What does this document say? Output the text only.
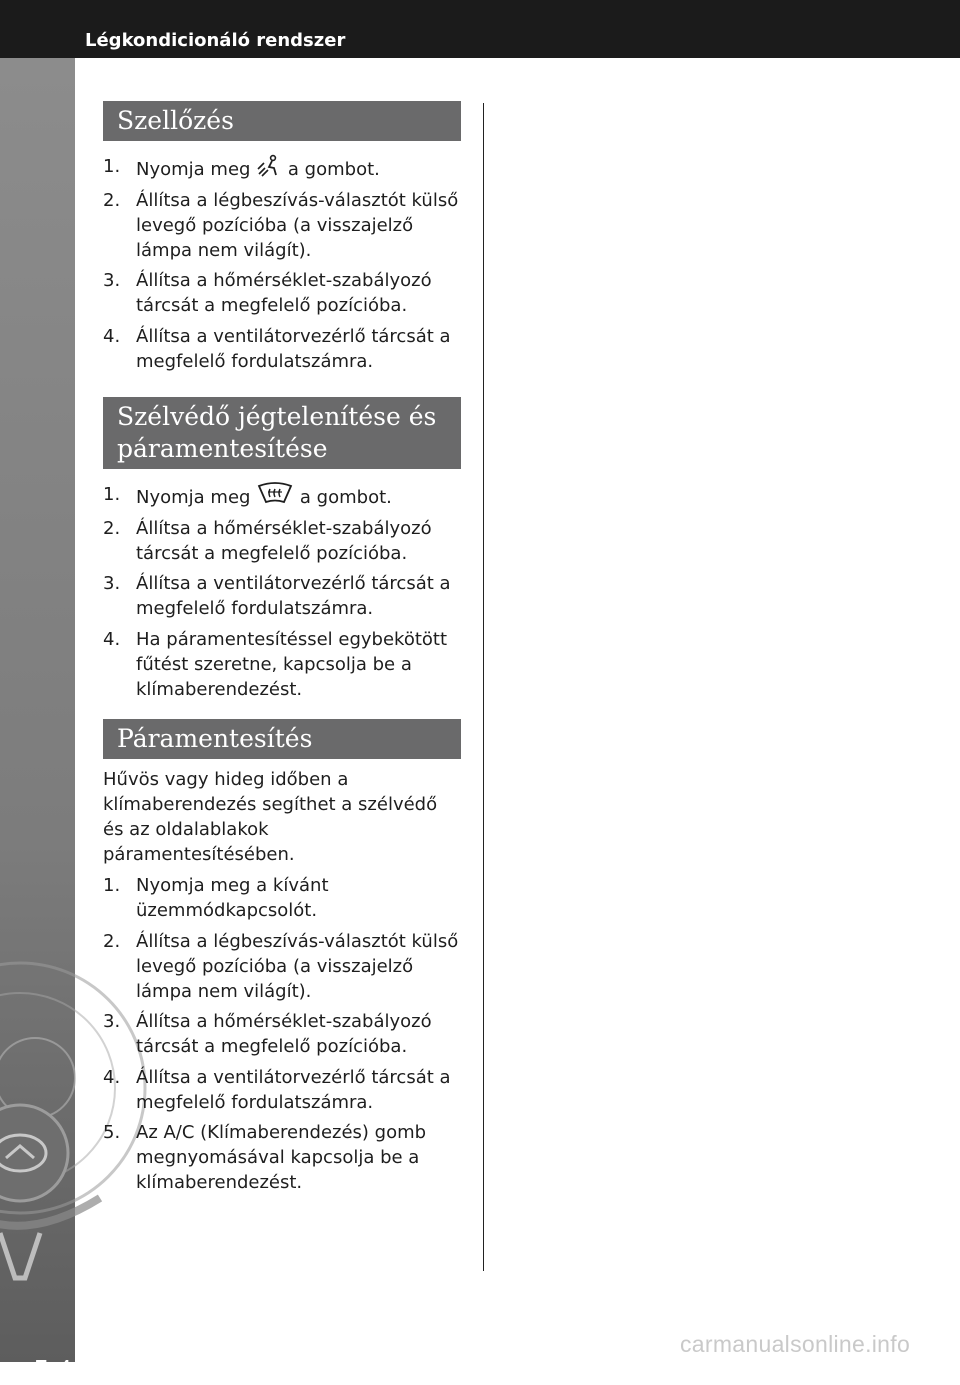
Légkondicionáló rendszer
5-4
Szellőzés
1. Nyomja meg a gombot.
2. Állítsa a légbeszívás-választót külső levegő pozícióba (a visszajelző lámpa nem világít).
3. Állítsa a hőmérséklet-szabályozó tárcsát a megfelelő pozícióba.
4. Állítsa a ventilátorvezérlő tárcsát a megfelelő fordulatszámra.
Szélvédő jégtelenítése és páramentesítése
1. Nyomja meg	a gombot.
2. Állítsa a hőmérséklet-szabályozó tárcsát a megfelelő pozícióba.
3. Állítsa a ventilátorvezérlő tárcsát a megfelelő fordulatszámra.
4. Ha páramentesítéssel egybekötött fűtést szeretne, kapcsolja be a klímaberendezést.
Páramentesítés

Hűvös vagy hideg időben a klímaberendezés segíthet a szélvédő és az oldalablakok páramentesítésében.

1. Nyomja meg a kívánt üzemmódkapcsolót.
2. Állítsa a légbeszívás-választót külső levegő pozícióba (a visszajelző lámpa nem világít).
3. Állítsa a hőmérséklet-szabályozó tárcsát a megfelelő pozícióba.
4. Állítsa a ventilátorvezérlő tárcsát a megfelelő fordulatszámra.
5. Az A/C (Klímaberendezés) gomb megnyomásával kapcsolja be a klímaberendezést.
carmanualsonline.info
